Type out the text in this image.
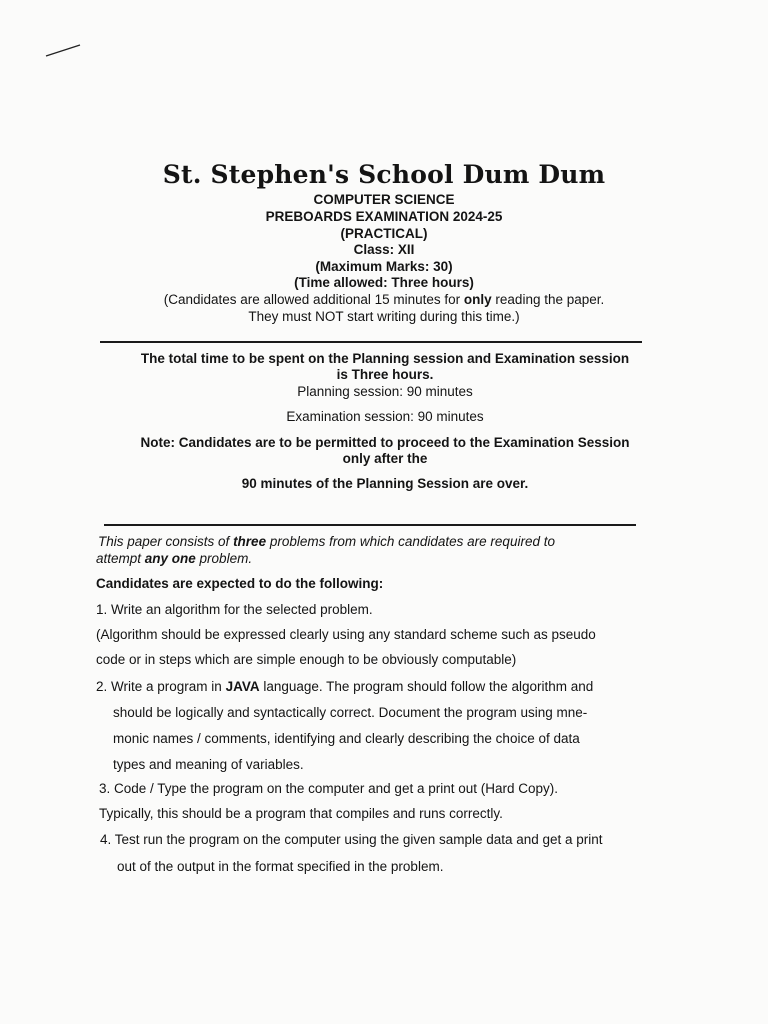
St. Stephen's School Dum Dum
COMPUTER SCIENCE
PREBOARDS EXAMINATION 2024-25
(PRACTICAL)
Class: XII
(Maximum Marks: 30)
(Time allowed: Three hours)
(Candidates are allowed additional 15 minutes for only reading the paper.
They must NOT start writing during this time.)
The total time to be spent on the Planning session and Examination session
is Three hours.
Planning session: 90 minutes
Examination session: 90 minutes
Note: Candidates are to be permitted to proceed to the Examination Session
only after the
90 minutes of the Planning Session are over.
This paper consists of three problems from which candidates are required to
attempt any one problem.
Candidates are expected to do the following:
1. Write an algorithm for the selected problem.
(Algorithm should be expressed clearly using any standard scheme such as pseudo
code or in steps which are simple enough to be obviously computable)
2. Write a program in JAVA language. The program should follow the algorithm and
should be logically and syntactically correct. Document the program using mne-
monic names / comments, identifying and clearly describing the choice of data
types and meaning of variables.
3. Code / Type the program on the computer and get a print out (Hard Copy).
Typically, this should be a program that compiles and runs correctly.
4. Test run the program on the computer using the given sample data and get a print
out of the output in the format specified in the problem.
